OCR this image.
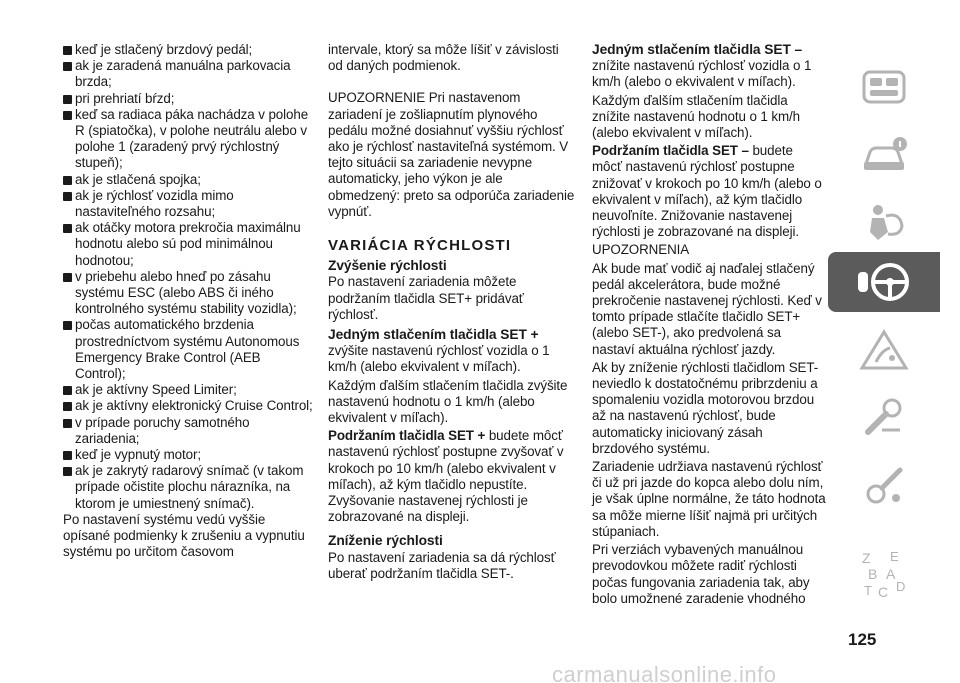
keď je stlačený brzdový pedál;
ak je zaradená manuálna parkovacia brzda;
pri prehriatí bŕzd;
keď sa radiaca páka nachádza v polohe R (spiatočka), v polohe neutrálu alebo v polohe 1 (zaradený prvý rýchlostný stupeň);
ak je stlačená spojka;
ak je rýchlosť vozidla mimo nastaviteľného rozsahu;
ak otáčky motora prekročia maximálnu hodnotu alebo sú pod minimálnou hodnotou;
v priebehu alebo hneď po zásahu systému ESC (alebo ABS či iného kontrolného systému stability vozidla);
počas automatického brzdenia prostredníctvom systému Autonomous Emergency Brake Control (AEB Control);
ak je aktívny Speed Limiter;
ak je aktívny elektronický Cruise Control;
v prípade poruchy samotného zariadenia;
keď je vypnutý motor;
ak je zakrytý radarový snímač (v takom prípade očistite plochu nárazníka, na ktorom je umiestnený snímač).

Po nastavení systému vedú vyššie opísané podmienky k zrušeniu a vypnutiu systému po určitom časovom

intervale, ktorý sa môže líšiť v závislosti od daných podmienok.

UPOZORNENIE Pri nastavenom zariadení je zošliapnutím plynového pedálu možné dosiahnuť vyššiu rýchlosť ako je rýchlosť nastaviteľná systémom. V tejto situácii sa zariadenie nevypne automaticky, jeho výkon je ale obmedzený: preto sa odporúča zariadenie vypnúť.

VARIÁCIA RÝCHLOSTI
Zvýšenie rýchlosti

Po nastavení zariadenia môžete podržaním tlačidla SET+ pridávať rýchlosť.

Jedným stlačením tlačidla SET +

zvýšite nastavenú rýchlosť vozidla o 1 km/h (alebo ekvivalent v míľach).

Každým ďalším stlačením tlačidla zvýšite nastavenú hodnotu o 1 km/h (alebo ekvivalent v míľach).

Podržaním tlačidla SET + budete môcť nastavenú rýchlosť postupne zvyšovať v krokoch po 10 km/h (alebo ekvivalent v míľach), až kým tlačidlo nepustíte. Zvyšovanie nastavenej rýchlosti je zobrazované na displeji.

Zníženie rýchlosti

Po nastavení zariadenia sa dá rýchlosť uberať podržaním tlačidla SET-.

Jedným stlačením tlačidla SET –

znížite nastavenú rýchlosť vozidla o 1 km/h (alebo o ekvivalent v míľach).

Každým ďalším stlačením tlačidla znížite nastavenú hodnotu o 1 km/h (alebo ekvivalent v míľach).

Podržaním tlačidla SET – budete môcť nastavenú rýchlosť postupne znižovať v krokoch po 10 km/h (alebo o ekvivalent v míľach), až kým tlačidlo neuvoľníte. Znižovanie nastavenej rýchlosti je zobrazované na displeji.

UPOZORNENIA

Ak bude mať vodič aj naďalej stlačený pedál akcelerátora, bude možné prekročenie nastavenej rýchlosti. Keď v tomto prípade stlačíte tlačidlo SET+ (alebo SET-), ako predvolená sa nastaví aktuálna rýchlosť jazdy.

Ak by zníženie rýchlosti tlačidlom SET- neviedlo k dostatočnému pribrzdeniu a spomaleniu vozidla motorovou brzdou až na nastavenú rýchlosť, bude automaticky iniciovaný zásah brzdového systému.

Zariadenie udržiava nastavenú rýchlosť či už pri jazde do kopca alebo dolu ním, je však úplne normálne, že táto hodnota sa môže mierne líšiť najmä pri určitých stúpaniach.

Pri verziách vybavených manuálnou prevodovkou môžete radiť rýchlosti počas fungovania zariadenia tak, aby bolo umožnené zaradenie vhodného

Z E
B A
D
T C
125
carmanualsonline.info
